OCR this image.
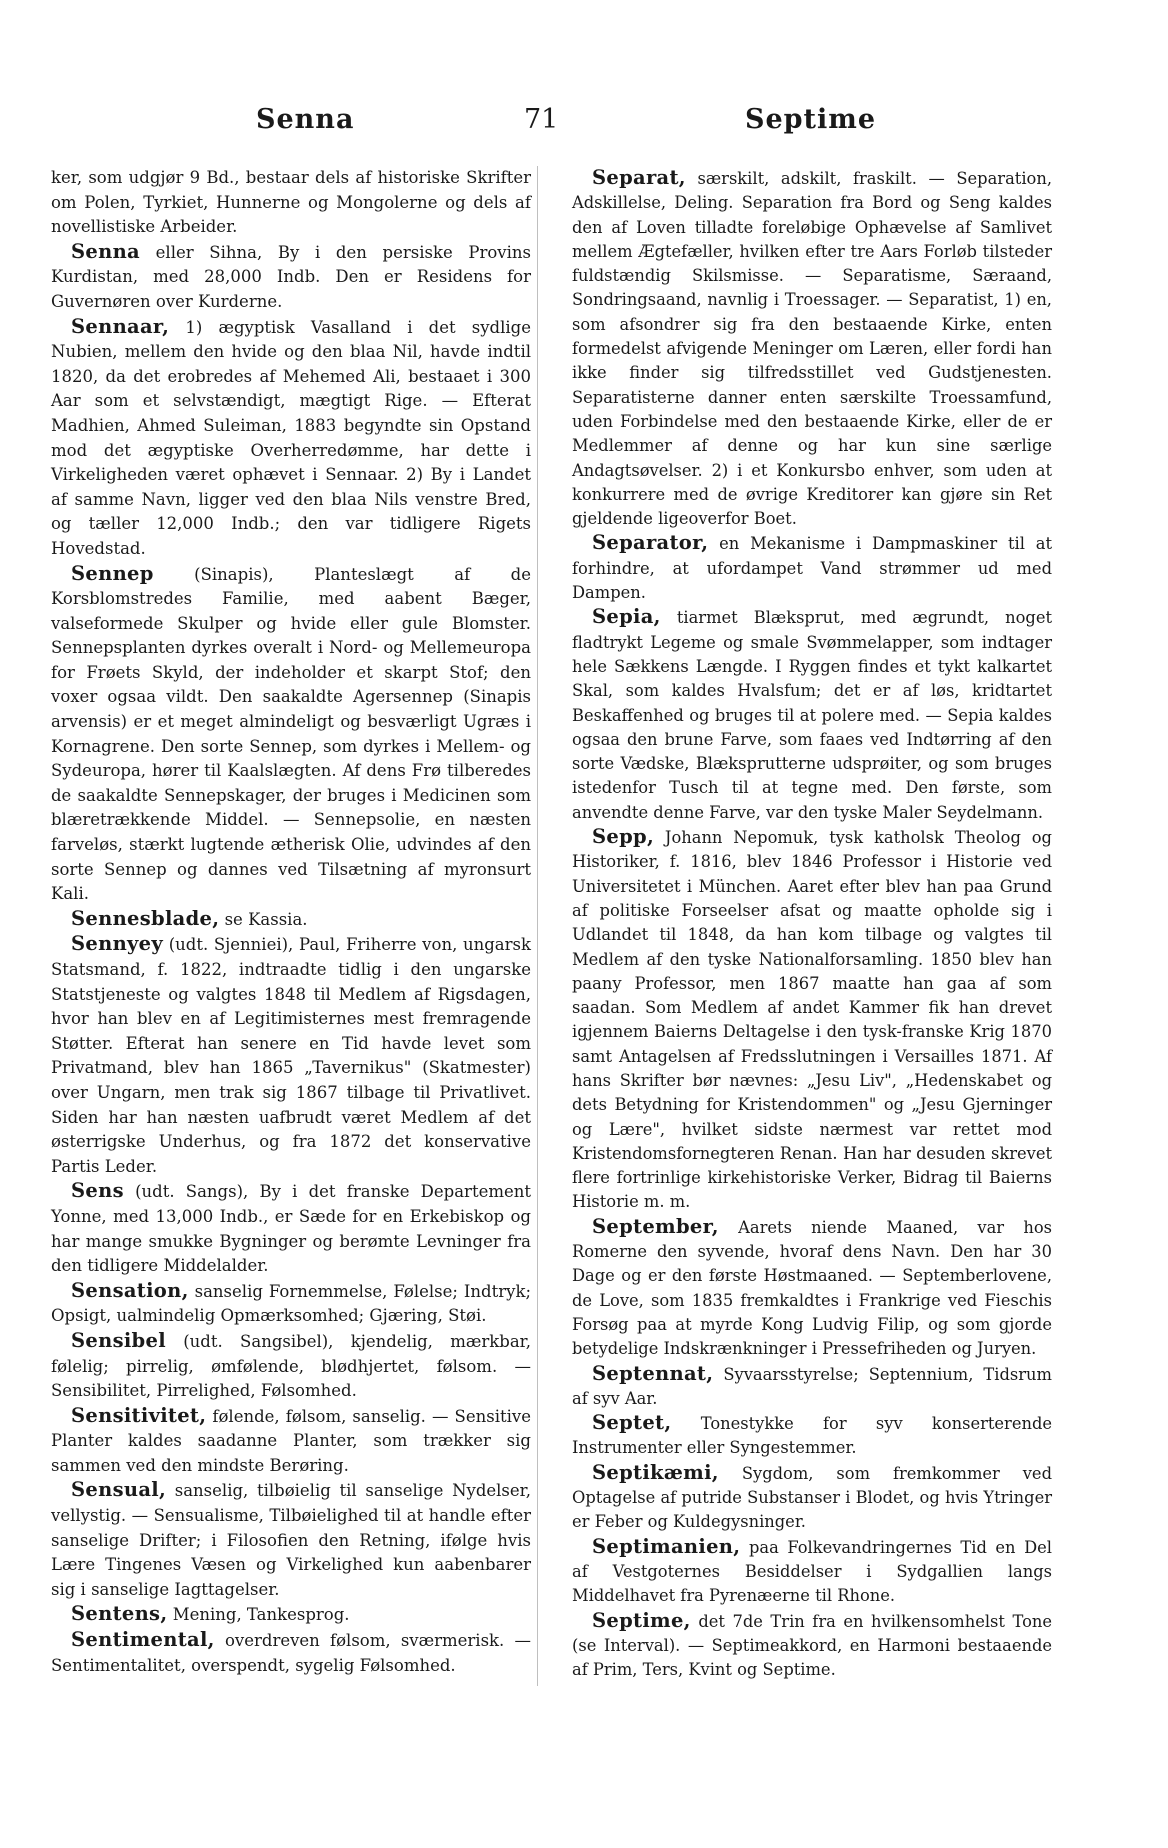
Senna	71	Septime

ker, som udgjør 9 Bd., bestaar dels af historiske Skrifter om Polen, Tyrkiet, Hunnerne og Mongolerne og dels af novellistiske Arbeider.

Senna eller Sihna, By i den persiske Provins Kurdistan, med 28,000 Indb. Den er Residens for Guvernøren over Kurderne.

Sennaar, 1) ægyptisk Vasalland i det sydlige Nubien, mellem den hvide og den blaa Nil, havde indtil 1820, da det erobredes af Mehemed Ali, bestaaet i 300 Aar som et selvstændigt, mægtigt Rige. — Efterat Madhien, Ahmed Suleiman, 1883 begyndte sin Opstand mod det ægyptiske Overherredømme, har dette i Virkeligheden været ophævet i Sennaar. 2) By i Landet af samme Navn, ligger ved den blaa Nils venstre Bred, og tæller 12,000 Indb.; den var tidligere Rigets Hovedstad.

Sennep (Sinapis), Planteslægt af de Korsblomstredes Familie, med aabent Bæger, valseformede Skulper og hvide eller gule Blomster. Sennepsplanten dyrkes overalt i Nord- og Mellemeuropa for Frøets Skyld, der indeholder et skarpt Stof; den voxer ogsaa vildt. Den saakaldte Agersennep (Sinapis arvensis) er et meget almindeligt og besværligt Ugræs i Kornagrene. Den sorte Sennep, som dyrkes i Mellem- og Sydeuropa, hører til Kaalslægten. Af dens Frø tilberedes de saakaldte Sennepskager, der bruges i Medicinen som blæretrækkende Middel. — Sennepsolie, en næsten farveløs, stærkt lugtende ætherisk Olie, udvindes af den sorte Sennep og dannes ved Tilsætning af myronsurt Kali.

Sennesblade, se Kassia.

Sennyey (udt. Sjenniei), Paul, Friherre von, ungarsk Statsmand, f. 1822, indtraadte tidlig i den ungarske Statstjeneste og valgtes 1848 til Medlem af Rigsdagen, hvor han blev en af Legitimisternes mest fremragende Støtter. Efterat han senere en Tid havde levet som Privatmand, blev han 1865 „Tavernikus" (Skatmester) over Ungarn, men trak sig 1867 tilbage til Privatlivet. Siden har han næsten uafbrudt været Medlem af det østerrigske Underhus, og fra 1872 det konservative Partis Leder.

Sens (udt. Sangs), By i det franske Departement Yonne, med 13,000 Indb., er Sæde for en Erkebiskop og har mange smukke Bygninger og berømte Levninger fra den tidligere Middelalder.

Sensation, sanselig Fornemmelse, Følelse; Indtryk; Opsigt, ualmindelig Opmærksomhed; Gjæring, Støi.

Sensibel (udt. Sangsibel), kjendelig, mærkbar, følelig; pirrelig, ømfølende, blødhjertet, følsom. — Sensibilitet, Pirrelighed, Følsomhed.

Sensitivitet, følende, følsom, sanselig. — Sensitive Planter kaldes saadanne Planter, som trækker sig sammen ved den mindste Berøring.

Sensual, sanselig, tilbøielig til sanselige Nydelser, vellystig. — Sensualisme, Tilbøielighed til at handle efter sanselige Drifter; i Filosofien den Retning, ifølge hvis Lære Tingenes Væsen og Virkelighed kun aabenbarer sig i sanselige Iagttagelser.

Sentens, Mening, Tankesprog.

Sentimental, overdreven følsom, sværmerisk. — Sentimentalitet, overspendt, sygelig Følsomhed.

Separat, særskilt, adskilt, fraskilt. — Separation, Adskillelse, Deling. Separation fra Bord og Seng kaldes den af Loven tilladte foreløbige Ophævelse af Samlivet mellem Ægtefæller, hvilken efter tre Aars Forløb tilsteder fuldstændig Skilsmisse. — Separatisme, Særaand, Sondringsaand, navnlig i Troessager. — Separatist, 1) en, som afsondrer sig fra den bestaaende Kirke, enten formedelst afvigende Meninger om Læren, eller fordi han ikke finder sig tilfredsstillet ved Gudstjenesten. Separatisterne danner enten særskilte Troessamfund, uden Forbindelse med den bestaaende Kirke, eller de er Medlemmer af denne og har kun sine særlige Andagtsøvelser. 2) i et Konkursbo enhver, som uden at konkurrere med de øvrige Kreditorer kan gjøre sin Ret gjeldende ligeoverfor Boet.

Separator, en Mekanisme i Dampmaskiner til at forhindre, at ufordampet Vand strømmer ud med Dampen.

Sepia, tiarmet Blæksprut, med ægrundt, noget fladtrykt Legeme og smale Svømmelapper, som indtager hele Sækkens Længde. I Ryggen findes et tykt kalkartet Skal, som kaldes Hvalsfum; det er af løs, kridtartet Beskaffenhed og bruges til at polere med. — Sepia kaldes ogsaa den brune Farve, som faaes ved Indtørring af den sorte Vædske, Blæksprutterne udsprøiter, og som bruges istedenfor Tusch til at tegne med. Den første, som anvendte denne Farve, var den tyske Maler Seydelmann.

Sepp, Johann Nepomuk, tysk katholsk Theolog og Historiker, f. 1816, blev 1846 Professor i Historie ved Universitetet i München. Aaret efter blev han paa Grund af politiske Forseelser afsat og maatte opholde sig i Udlandet til 1848, da han kom tilbage og valgtes til Medlem af den tyske Nationalforsamling. 1850 blev han paany Professor, men 1867 maatte han gaa af som saadan. Som Medlem af andet Kammer fik han drevet igjennem Baierns Deltagelse i den tysk-franske Krig 1870 samt Antagelsen af Fredsslutningen i Versailles 1871. Af hans Skrifter bør nævnes: „Jesu Liv", „Hedenskabet og dets Betydning for Kristendommen" og „Jesu Gjerninger og Lære", hvilket sidste nærmest var rettet mod Kristendomsfornegteren Renan. Han har desuden skrevet flere fortrinlige kirkehistoriske Verker, Bidrag til Baierns Historie m. m.

September, Aarets niende Maaned, var hos Romerne den syvende, hvoraf dens Navn. Den har 30 Dage og er den første Høstmaaned. — Septemberlovene, de Love, som 1835 fremkaldtes i Frankrige ved Fieschis Forsøg paa at myrde Kong Ludvig Filip, og som gjorde betydelige Indskrænkninger i Pressefriheden og Juryen.

Septennat, Syvaarsstyrelse; Septennium, Tidsrum af syv Aar.

Septet, Tonestykke for syv konserterende Instrumenter eller Syngestemmer.

Septikæmi, Sygdom, som fremkommer ved Optagelse af putride Substanser i Blodet, og hvis Ytringer er Feber og Kuldegysninger.

Septimanien, paa Folkevandringernes Tid en Del af Vestgoternes Besiddelser i Sydgallien langs Middelhavet fra Pyrenæerne til Rhone.

Septime, det 7de Trin fra en hvilkensomhelst Tone (se Interval). — Septimeakkord, en Harmoni bestaaende af Prim, Ters, Kvint og Septime.
